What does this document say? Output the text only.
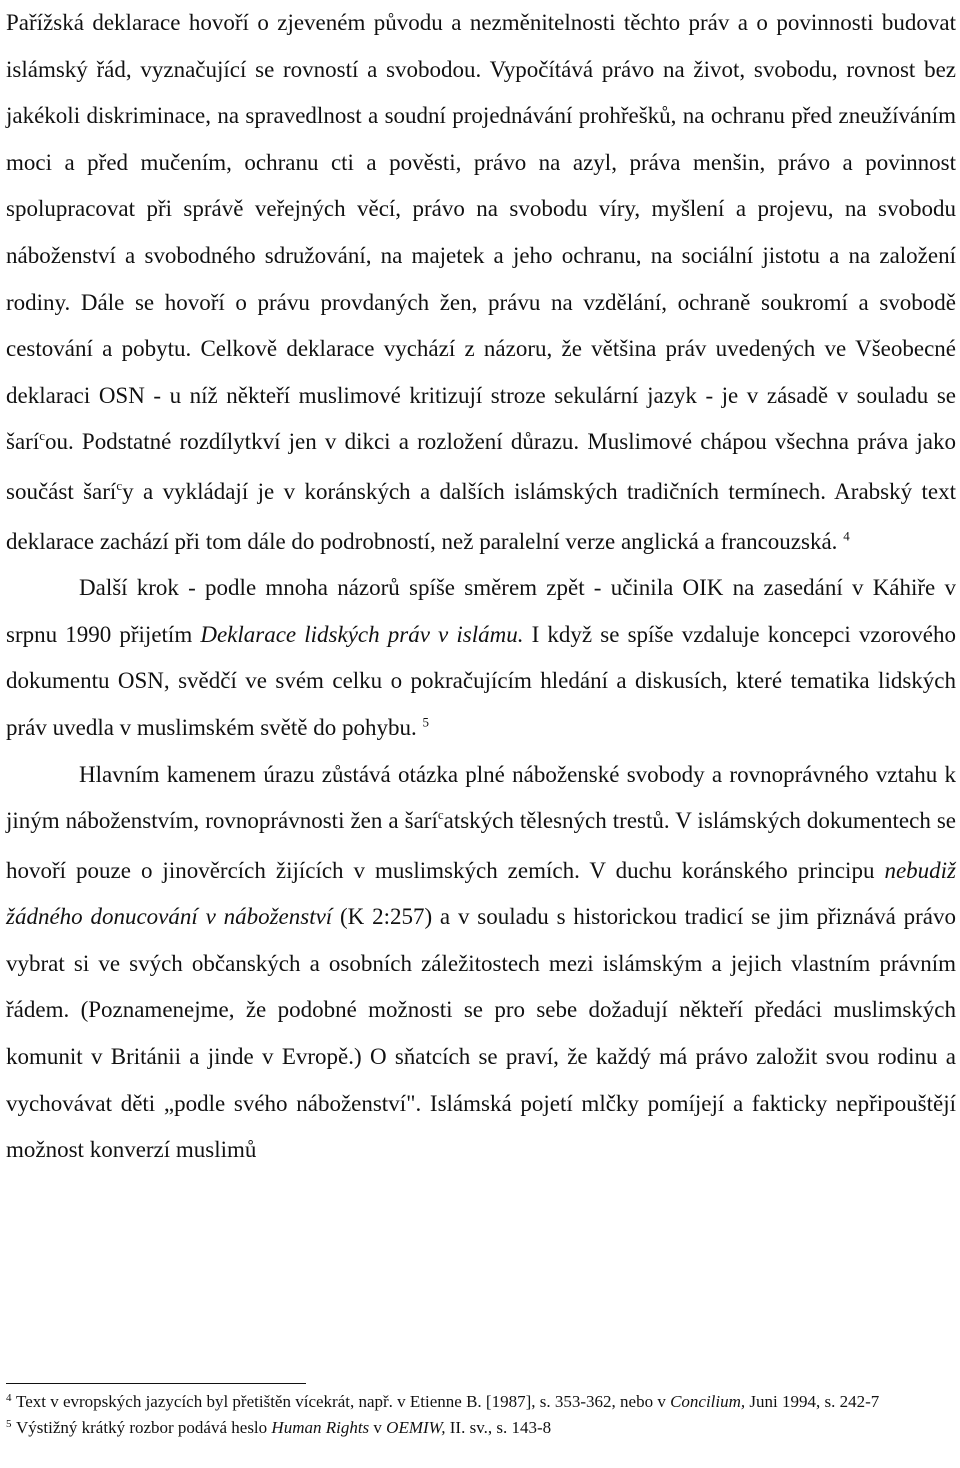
Pařížská deklarace hovoří o zjeveném původu a nezměnitelnosti těchto práv a o povinnosti budovat islámský řád, vyznačující se rovností a svobodou. Vypočítává právo na život, svobodu, rovnost bez jakékoli diskriminace, na spravedlnost a soudní projednávání prohřešků, na ochranu před zneužíváním moci a před mučením, ochranu cti a pověsti, právo na azyl, práva menšin, právo a povinnost spolupracovat při správě veřejných věcí, právo na svobodu víry, myšlení a projevu, na svobodu náboženství a svobodného sdružování, na majetek a jeho ochranu, na sociální jistotu a na založení rodiny. Dále se hovoří o právu provdaných žen, právu na vzdělání, ochraně soukromí a svobodě cestování a pobytu. Celkově deklarace vychází z názoru, že většina práv uvedených ve Všeobecné deklaraci OSN - u níž někteří muslimové kritizují stroze sekulární jazyk - je v zásadě v souladu se šarí$^c$ou. Podstatné rozdílytkví jen v dikci a rozložení důrazu. Muslimové chápou všechna práva jako součást šarí$^c$y a vykládají je v koránských a dalších islámských tradičních termínech. Arabský text deklarace zachází při tom dále do podrobností, než paralelní verze anglická a francouzská. $^4$

Další krok - podle mnoha názorů spíše směrem zpět - učinila OIK na zasedání v Káhiře v srpnu 1990 přijetím Deklarace lidských práv v islámu. I když se spíše vzdaluje koncepci vzorového dokumentu OSN, svědčí ve svém celku o pokračujícím hledání a diskusích, které tematika lidských práv uvedla v muslimském světě do pohybu. $^5$

Hlavním kamenem úrazu zůstává otázka plné náboženské svobody a rovnoprávného vztahu k jiným náboženstvím, rovnoprávnosti žen a šarí$^c$atských tělesných trestů. V islámských dokumentech se hovoří pouze o jinověrcích žijících v muslimských zemích. V duchu koránského principu nebudiž žádného donucování v náboženství (K 2:257) a v souladu s historickou tradicí se jim přiznává právo vybrat si ve svých občanských a osobních záležitostech mezi islámským a jejich vlastním právním řádem. (Poznamenejme, že podobné možnosti se pro sebe dožadují někteří předáci muslimských komunit v Británii a jinde v Evropě.) O sňatcích se praví, že každý má právo založit svou rodinu a vychovávat děti „podle svého náboženství". Islámská pojetí mlčky pomíjejí a fakticky nepřipouštějí možnost konverzí muslimů

4 Text v evropských jazycích byl přetištěn vícekrát, např. v Etienne B. [1987], s. 353-362, nebo v Concilium, Juni 1994, s. 242-7

5 Výstižný krátký rozbor podává heslo Human Rights v OEMIW, II. sv., s. 143-8
